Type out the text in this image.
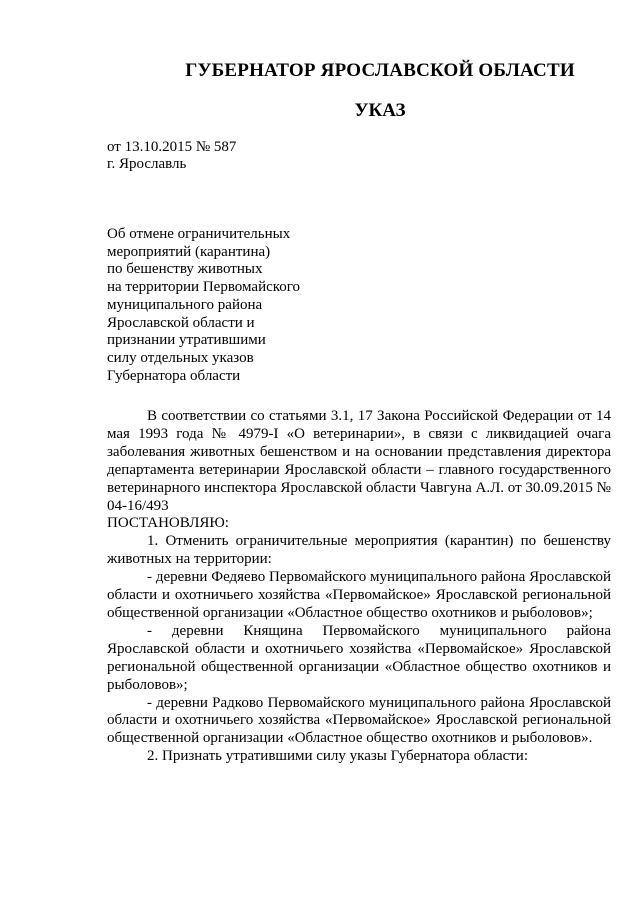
ГУБЕРНАТОР ЯРОСЛАВСКОЙ ОБЛАСТИ
УКАЗ
от 13.10.2015 № 587
г. Ярославль
Об отмене ограничительных
мероприятий (карантина)
по бешенству животных
на территории Первомайского
муниципального района
Ярославской области и
признании утратившими
силу отдельных указов
Губернатора области

В соответствии со статьями 3.1, 17 Закона Российской Федерации от 14 мая 1993 года № 4979-I «О ветеринарии», в связи с ликвидацией очага заболевания животных бешенством и на основании представления директора департамента ветеринарии Ярославской области – главного государственного ветеринарного инспектора Ярославской области Чавгуна А.Л. от 30.09.2015 № 04-16/493

ПОСТАНОВЛЯЮ:

1. Отменить ограничительные мероприятия (карантин) по бешенству животных на территории:

- деревни Федяево Первомайского муниципального района Ярославской области и охотничьего хозяйства «Первомайское» Ярославской региональной общественной организации «Областное общество охотников и рыболовов»;

- деревни Княщина Первомайского муниципального района Ярославской области и охотничьего хозяйства «Первомайское» Ярославской региональной общественной организации «Областное общество охотников и рыболовов»;

- деревни Радково Первомайского муниципального района Ярославской области и охотничьего хозяйства «Первомайское» Ярославской региональной общественной организации «Областное общество охотников и рыболовов».

2. Признать утратившими силу указы Губернатора области:
